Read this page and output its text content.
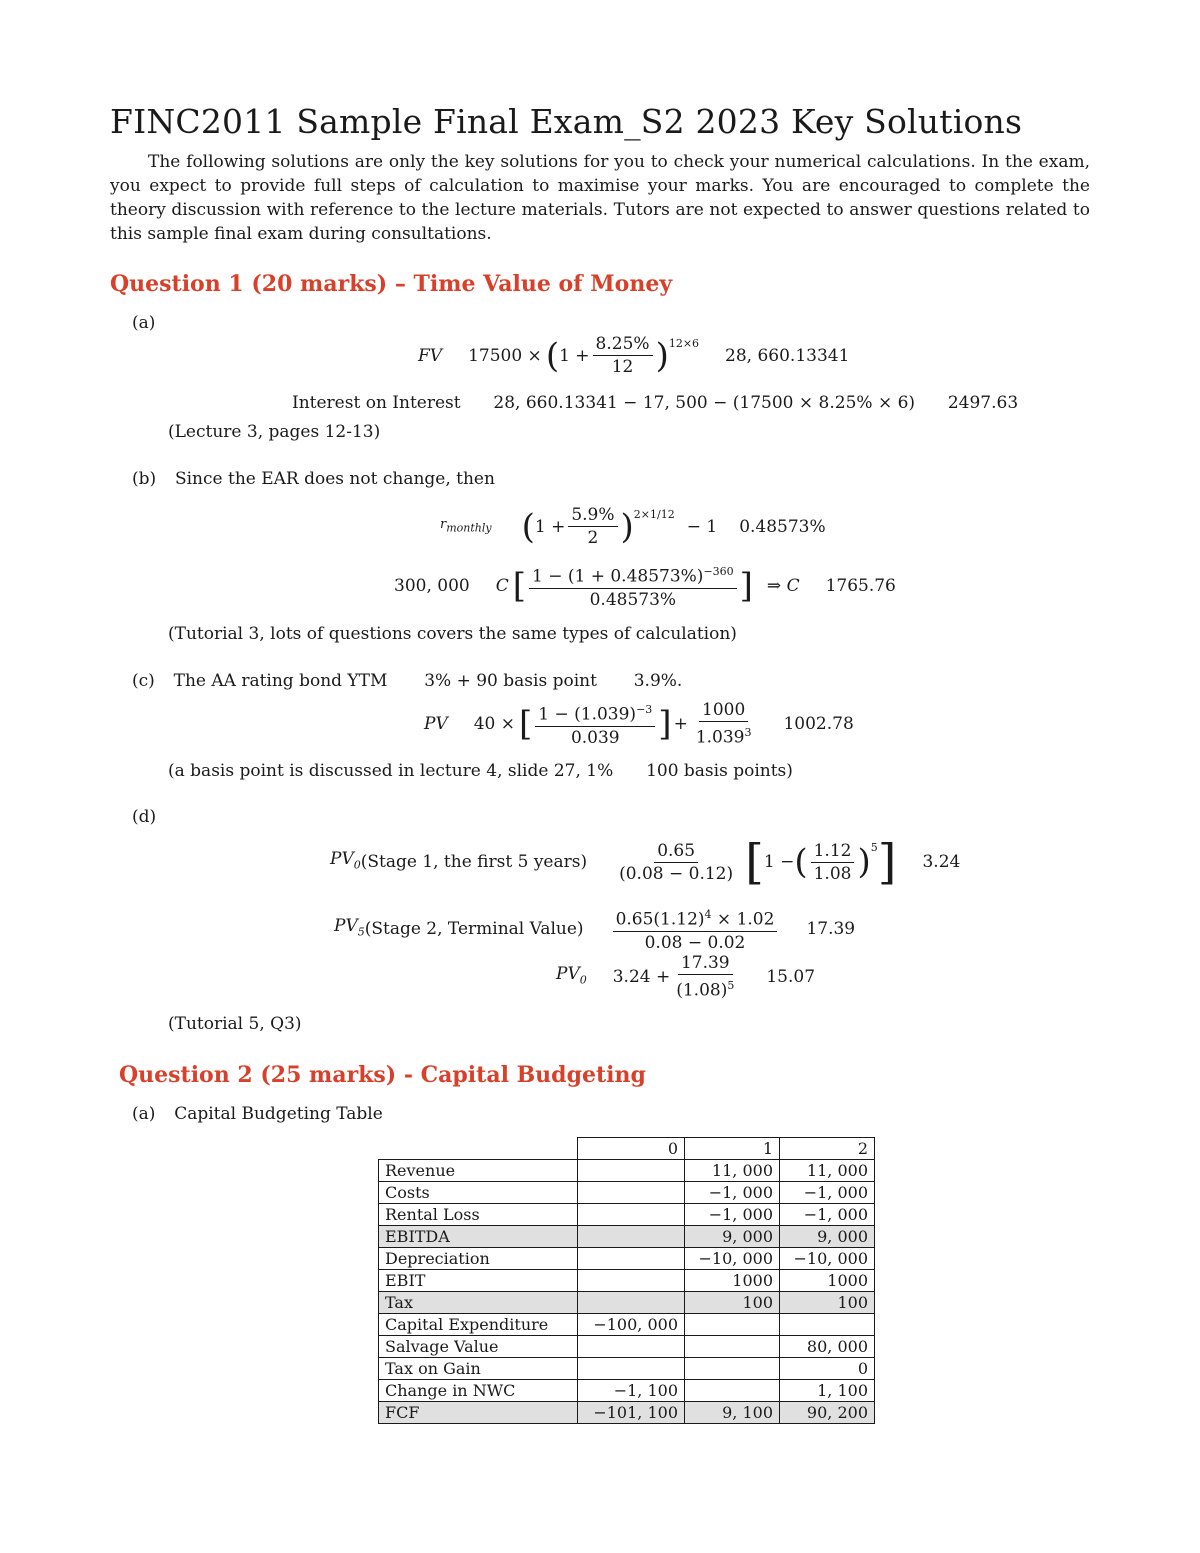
FINC2011 Sample Final Exam_S2 2023 Key Solutions
The following solutions are only the key solutions for you to check your numerical calculations. In the exam, you expect to provide full steps of calculation to maximise your marks. You are encouraged to complete the theory discussion with reference to the lecture materials. Tutors are not expected to answer questions related to this sample final exam during consultations.
Question 1 (20 marks) – Time Value of Money
(a)
FV 17500 × ( $1 + \frac{8.25\%}{12} )^{12\times 6}$
28, 660.13341
Interest on Interest 28, 660.13341 − 17, 500 − (17500 × 8.25% × 6) 2497.63
(Lecture 3, pages 12-13)
(b) Since the EAR does not change, then
$r_{monthly}$ ( $1 + \frac{5.9\%}{2} )^{2\times 1/12}$
− 1 0.48573%
300, 000 C [ $\frac{1 - (1 + 0.48573\%)^{-360}}{0.48573\%}$ ] ⇒ C 1765.76
(Tutorial 3, lots of questions covers the same types of calculation)
(c) The AA rating bond YTM 3% + 90 basis point 3.9%.
PV 40 × [ $\frac{1 - (1.039)^{-3}}{0.039}$ ] + $\frac{1000}{1.039^3} 1002.78$
(a basis point is discussed in lecture 4, slide 27, 1% 100 basis points)
(d)
$PV_0$ (Stage 1, the first 5 years) $\frac{0.65}{(0.08 - 0.12)}$ [ 1 − ( $\frac{1.12}{1.08} )^5$ ] 3.24
$PV_5$ (Stage 2, Terminal Value) $\frac{0.65(1.12)^4 \times 1.02}{0.08 - 0.02} 17.39$
$PV_0$ $3.24 + \frac{17.39}{(1.08)^5} 15.07$
(Tutorial 5, Q3)
Question 2 (25 marks) - Capital Budgeting
(a) Capital Budgeting Table
	0	1	2
Revenue		11, 000	11, 000
Costs		−1, 000	−1, 000
Rental Loss		−1, 000	−1, 000
EBITDA		9, 000	9, 000
Depreciation		−10, 000	−10, 000
EBIT		1000	1000
Tax		100	100
Capital Expenditure	−100, 000		
Salvage Value			80, 000
Tax on Gain			0
Change in NWC	−1, 100		1, 100
FCF	−101, 100	9, 100	90, 200
